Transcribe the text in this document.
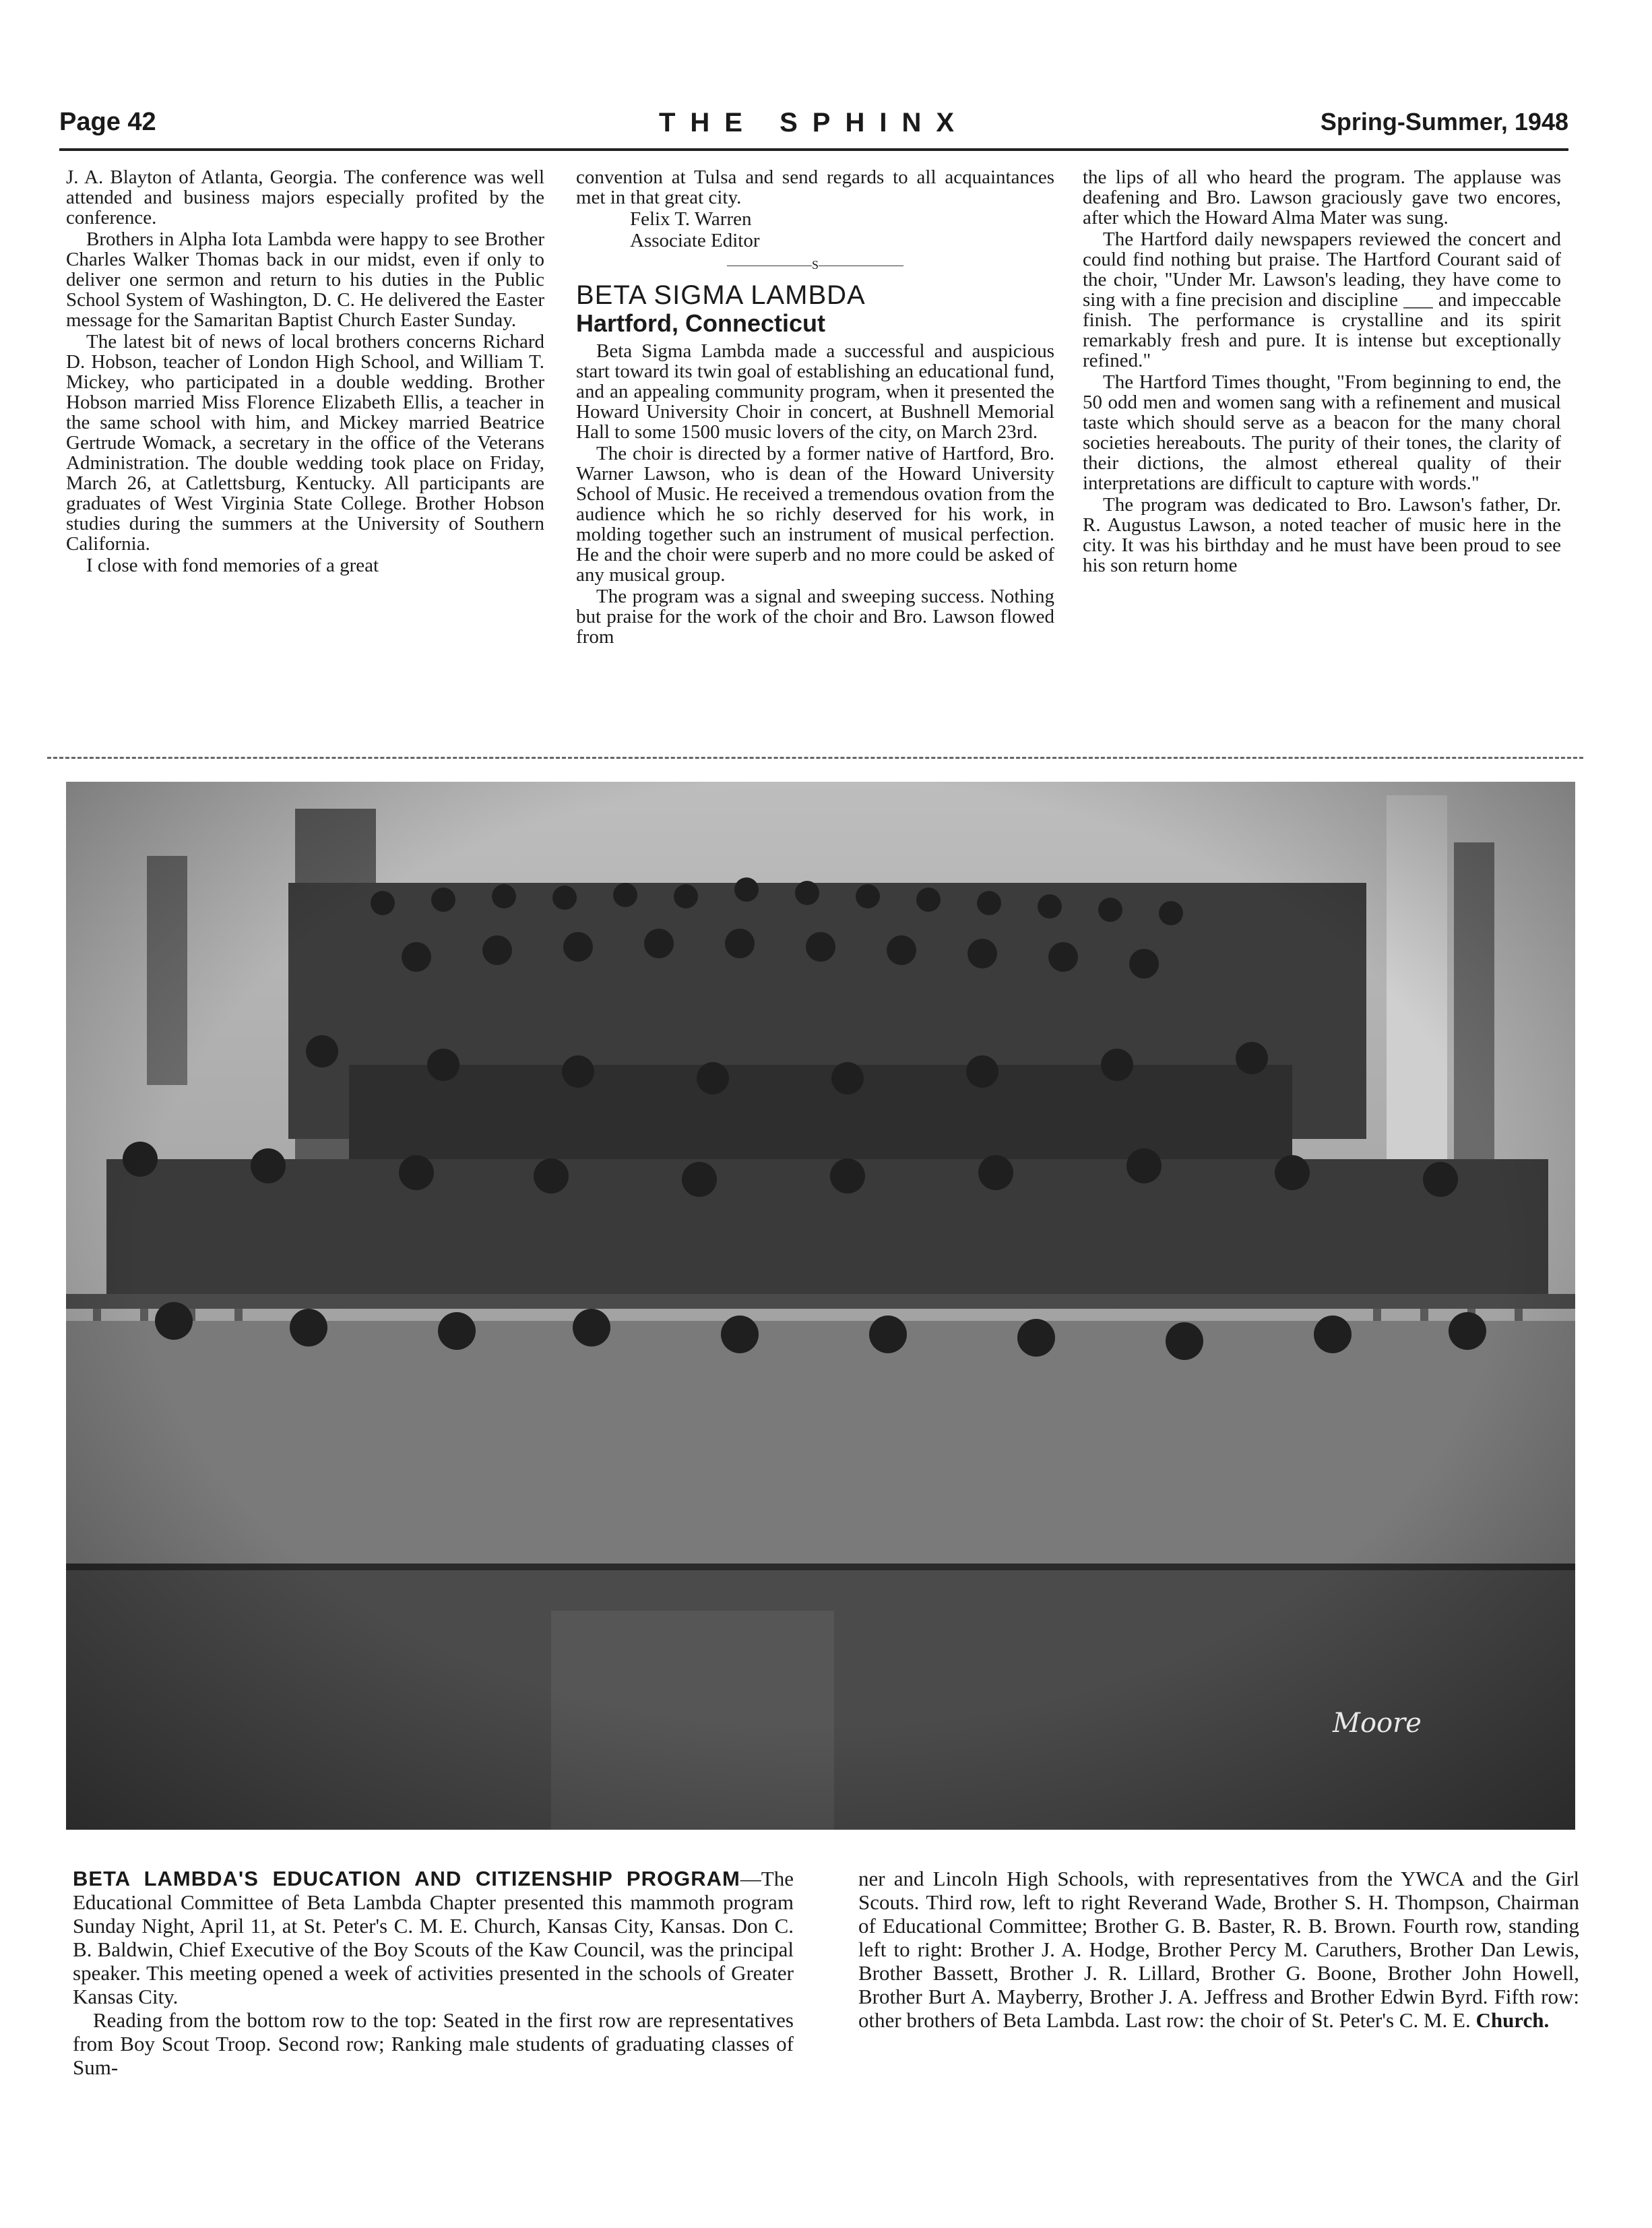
Page 42	THE SPHINX	Spring-Summer, 1948

J. A. Blayton of Atlanta, Georgia. The conference was well attended and business majors especially profited by the conference.

Brothers in Alpha Iota Lambda were happy to see Brother Charles Walker Thomas back in our midst, even if only to deliver one sermon and return to his duties in the Public School System of Washington, D. C. He delivered the Easter message for the Samaritan Baptist Church Easter Sunday.

The latest bit of news of local brothers concerns Richard D. Hobson, teacher of London High School, and William T. Mickey, who participated in a double wedding. Brother Hobson married Miss Florence Elizabeth Ellis, a teacher in the same school with him, and Mickey married Beatrice Gertrude Womack, a secretary in the office of the Veterans Administration. The double wedding took place on Friday, March 26, at Catlettsburg, Kentucky. All participants are graduates of West Virginia State College. Brother Hobson studies during the summers at the University of Southern California.

I close with fond memories of a great

convention at Tulsa and send regards to all acquaintances met in that great city.

Felix T. Warren

Associate Editor

———————S———————
BETA SIGMA LAMBDA
Hartford, Connecticut

Beta Sigma Lambda made a successful and auspicious start toward its twin goal of establishing an educational fund, and an appealing community program, when it presented the Howard University Choir in concert, at Bushnell Memorial Hall to some 1500 music lovers of the city, on March 23rd.

The choir is directed by a former native of Hartford, Bro. Warner Lawson, who is dean of the Howard University School of Music. He received a tremendous ovation from the audience which he so richly deserved for his work, in molding together such an instrument of musical perfection. He and the choir were superb and no more could be asked of any musical group.

The program was a signal and sweeping success. Nothing but praise for the work of the choir and Bro. Lawson flowed from

the lips of all who heard the program. The applause was deafening and Bro. Lawson graciously gave two encores, after which the Howard Alma Mater was sung.

The Hartford daily newspapers reviewed the concert and could find nothing but praise. The Hartford Courant said of the choir, "Under Mr. Lawson's leading, they have come to sing with a fine precision and discipline ___ and impeccable finish. The performance is crystalline and its spirit remarkably fresh and pure. It is intense but exceptionally refined."

The Hartford Times thought, "From beginning to end, the 50 odd men and women sang with a refinement and musical taste which should serve as a beacon for the many choral societies hereabouts. The purity of their tones, the clarity of their dictions, the almost ethereal quality of their interpretations are difficult to capture with words."

The program was dedicated to Bro. Lawson's father, Dr. R. Augustus Lawson, a noted teacher of music here in the city. It was his birthday and he must have been proud to see his son return home

Moore

BETA LAMBDA'S EDUCATION AND CITIZENSHIP PROGRAM—The Educational Committee of Beta Lambda Chapter presented this mammoth program Sunday Night, April 11, at St. Peter's C. M. E. Church, Kansas City, Kansas. Don C. B. Baldwin, Chief Executive of the Boy Scouts of the Kaw Council, was the principal speaker. This meeting opened a week of activities presented in the schools of Greater Kansas City.

Reading from the bottom row to the top: Seated in the first row are representatives from Boy Scout Troop. Second row; Ranking male students of graduating classes of Sum-

ner and Lincoln High Schools, with representatives from the YWCA and the Girl Scouts. Third row, left to right Reverand Wade, Brother S. H. Thompson, Chairman of Educational Committee; Brother G. B. Baster, R. B. Brown. Fourth row, standing left to right: Brother J. A. Hodge, Brother Percy M. Caruthers, Brother Dan Lewis, Brother Bassett, Brother J. R. Lillard, Brother G. Boone, Brother John Howell, Brother Burt A. Mayberry, Brother J. A. Jeffress and Brother Edwin Byrd. Fifth row: other brothers of Beta Lambda. Last row: the choir of St. Peter's C. M. E. Church.
